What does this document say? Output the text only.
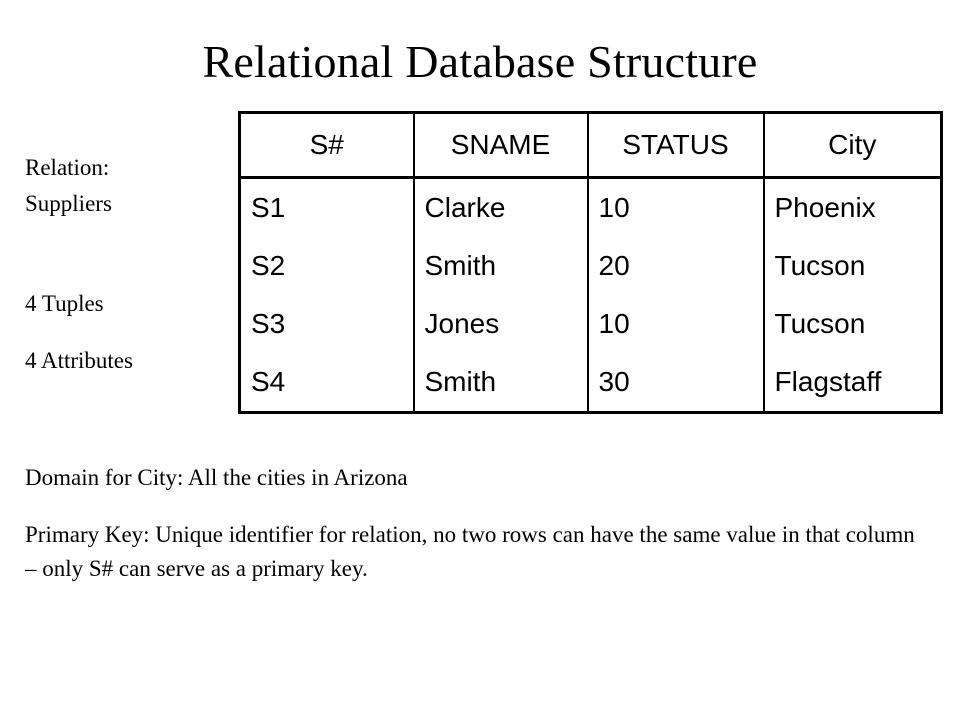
Relational Database Structure
Relation:
Suppliers
4 Tuples
4 Attributes
S#	SNAME	STATUS	City
S1	Clarke	10	Phoenix
S2	Smith	20	Tucson
S3	Jones	10	Tucson
S4	Smith	30	Flagstaff
Domain for City: All the cities in Arizona
Primary Key: Unique identifier for relation, no two rows can have the same value in that column – only S# can serve as a primary key.
